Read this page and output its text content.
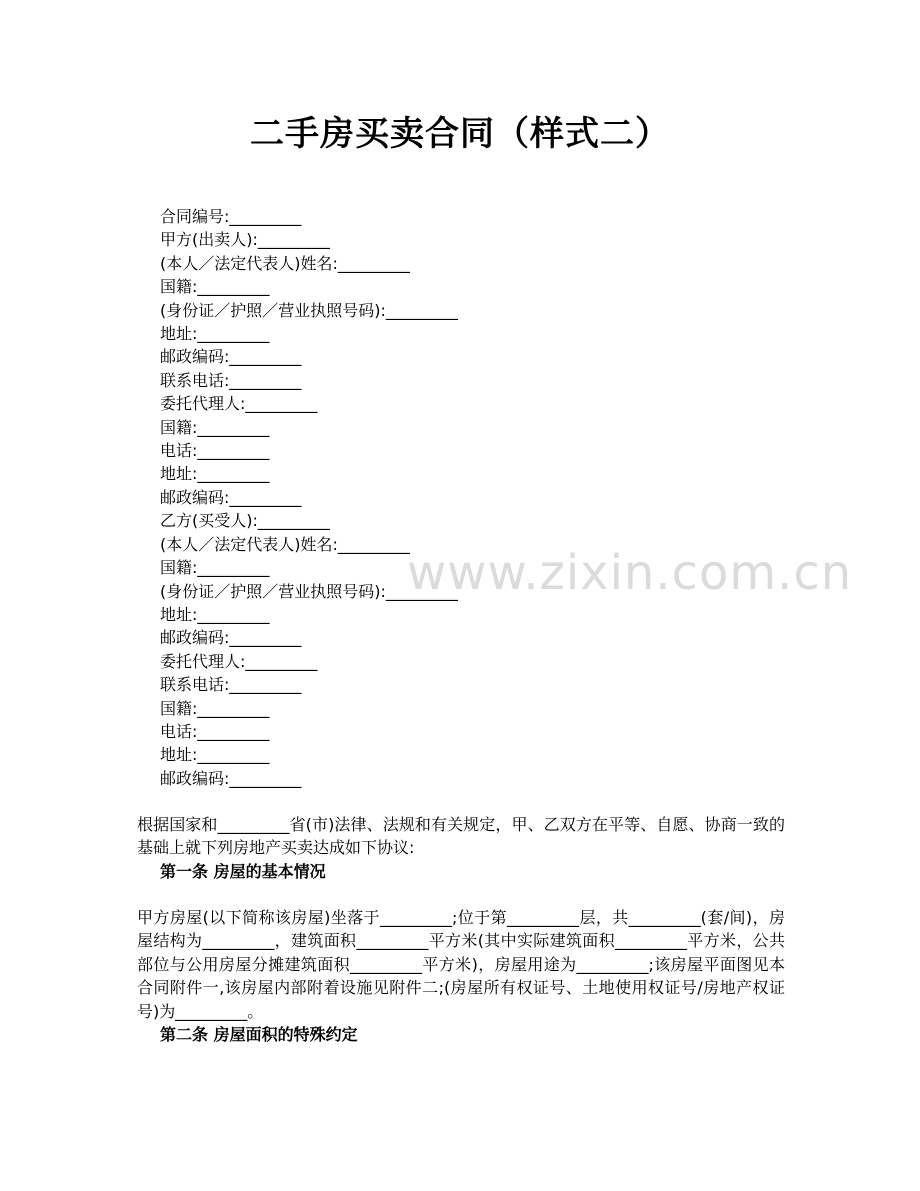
二手房买卖合同（样式二）
合同编号:_________
甲方(出卖人):_________
(本人／法定代表人)姓名:_________
国籍:_________
(身份证／护照／营业执照号码):_________
地址:_________
邮政编码:_________
联系电话:_________
委托代理人:_________
国籍:_________
电话:_________
地址:_________
邮政编码:_________
乙方(买受人):_________
(本人／法定代表人)姓名:_________
国籍:_________
(身份证／护照／营业执照号码):_________
地址:_________
邮政编码:_________
委托代理人:_________
联系电话:_________
国籍:_________
电话:_________
地址:_________
邮政编码:_________
www.zixin.com.cn
根据国家和_________省(市)法律、法规和有关规定，甲、乙双方在平等、自愿、协商一致的基础上就下列房地产买卖达成如下协议:
第一条 房屋的基本情况
甲方房屋(以下简称该房屋)坐落于_________;位于第_________层，共_________(套/间)，房屋结构为_________，建筑面积_________平方米(其中实际建筑面积_________平方米，公共部位与公用房屋分摊建筑面积_________平方米)，房屋用途为_________;该房屋平面图见本合同附件一,该房屋内部附着设施见附件二;(房屋所有权证号、土地使用权证号/房地产权证号)为_________。
第二条 房屋面积的特殊约定
